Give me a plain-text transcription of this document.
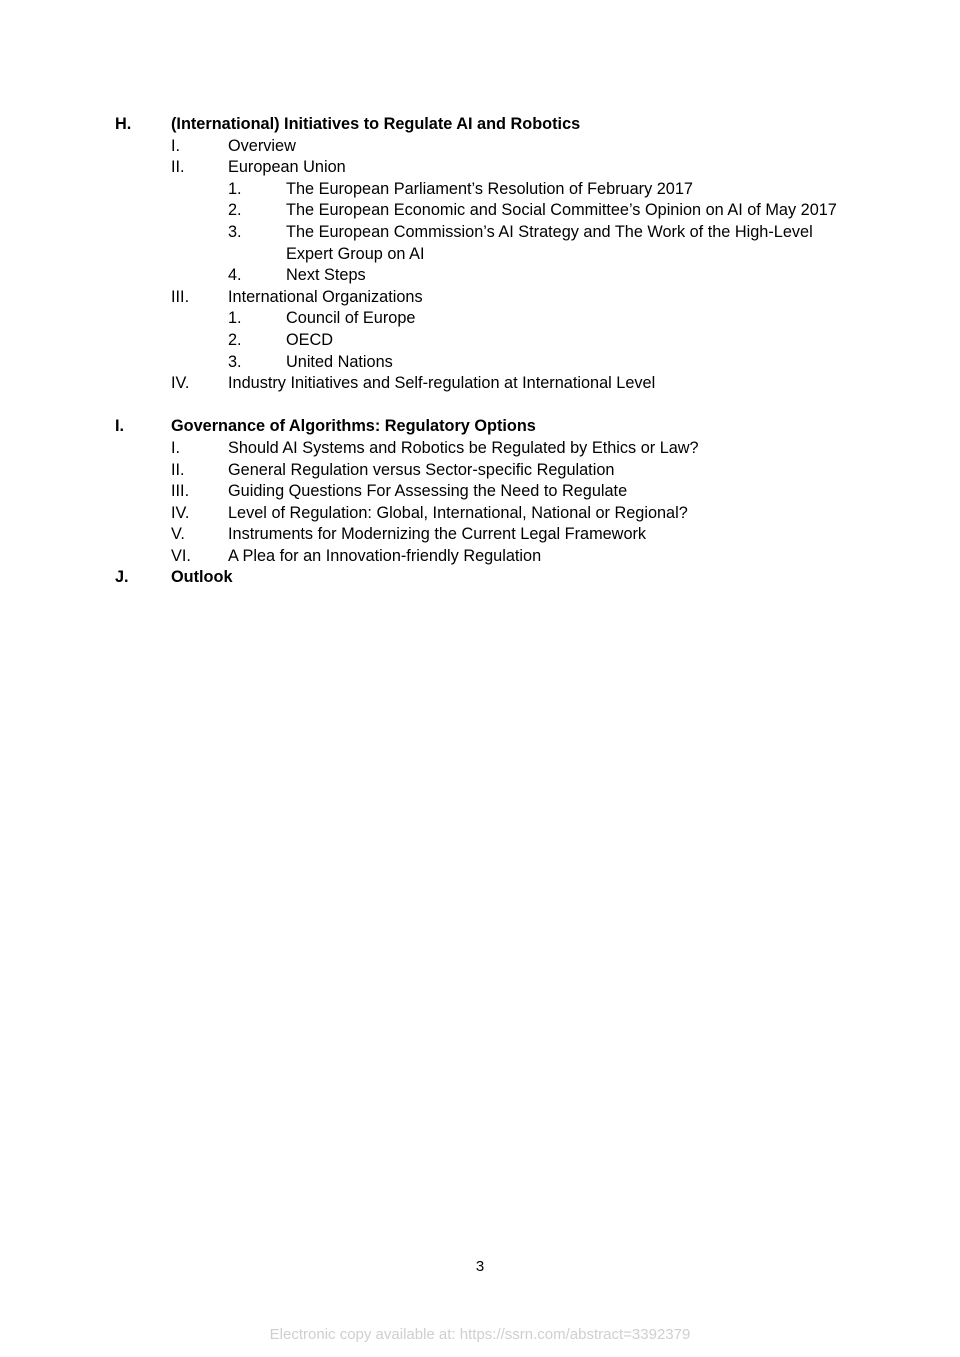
H. (International) Initiatives to Regulate AI and Robotics
I.	Overview
II.	European Union
1.	The European Parliament’s Resolution of February 2017
2.	The European Economic and Social Committee’s Opinion on AI of May 2017
3.	The European Commission’s AI Strategy and The Work of the High-Level Expert Group on AI
4.	Next Steps
III. International Organizations
1.	Council of Europe
2.	OECD
3.	United Nations
IV. Industry Initiatives and Self-regulation at International Level
I.	Governance of Algorithms: Regulatory Options
I.	Should AI Systems and Robotics be Regulated by Ethics or Law?
II.	General Regulation versus Sector-specific Regulation
III. Guiding Questions For Assessing the Need to Regulate
IV. Level of Regulation: Global, International, National or Regional?
V.	Instruments for Modernizing the Current Legal Framework
VI. A Plea for an Innovation-friendly Regulation
J.	Outlook
3
Electronic copy available at: https://ssrn.com/abstract=3392379
